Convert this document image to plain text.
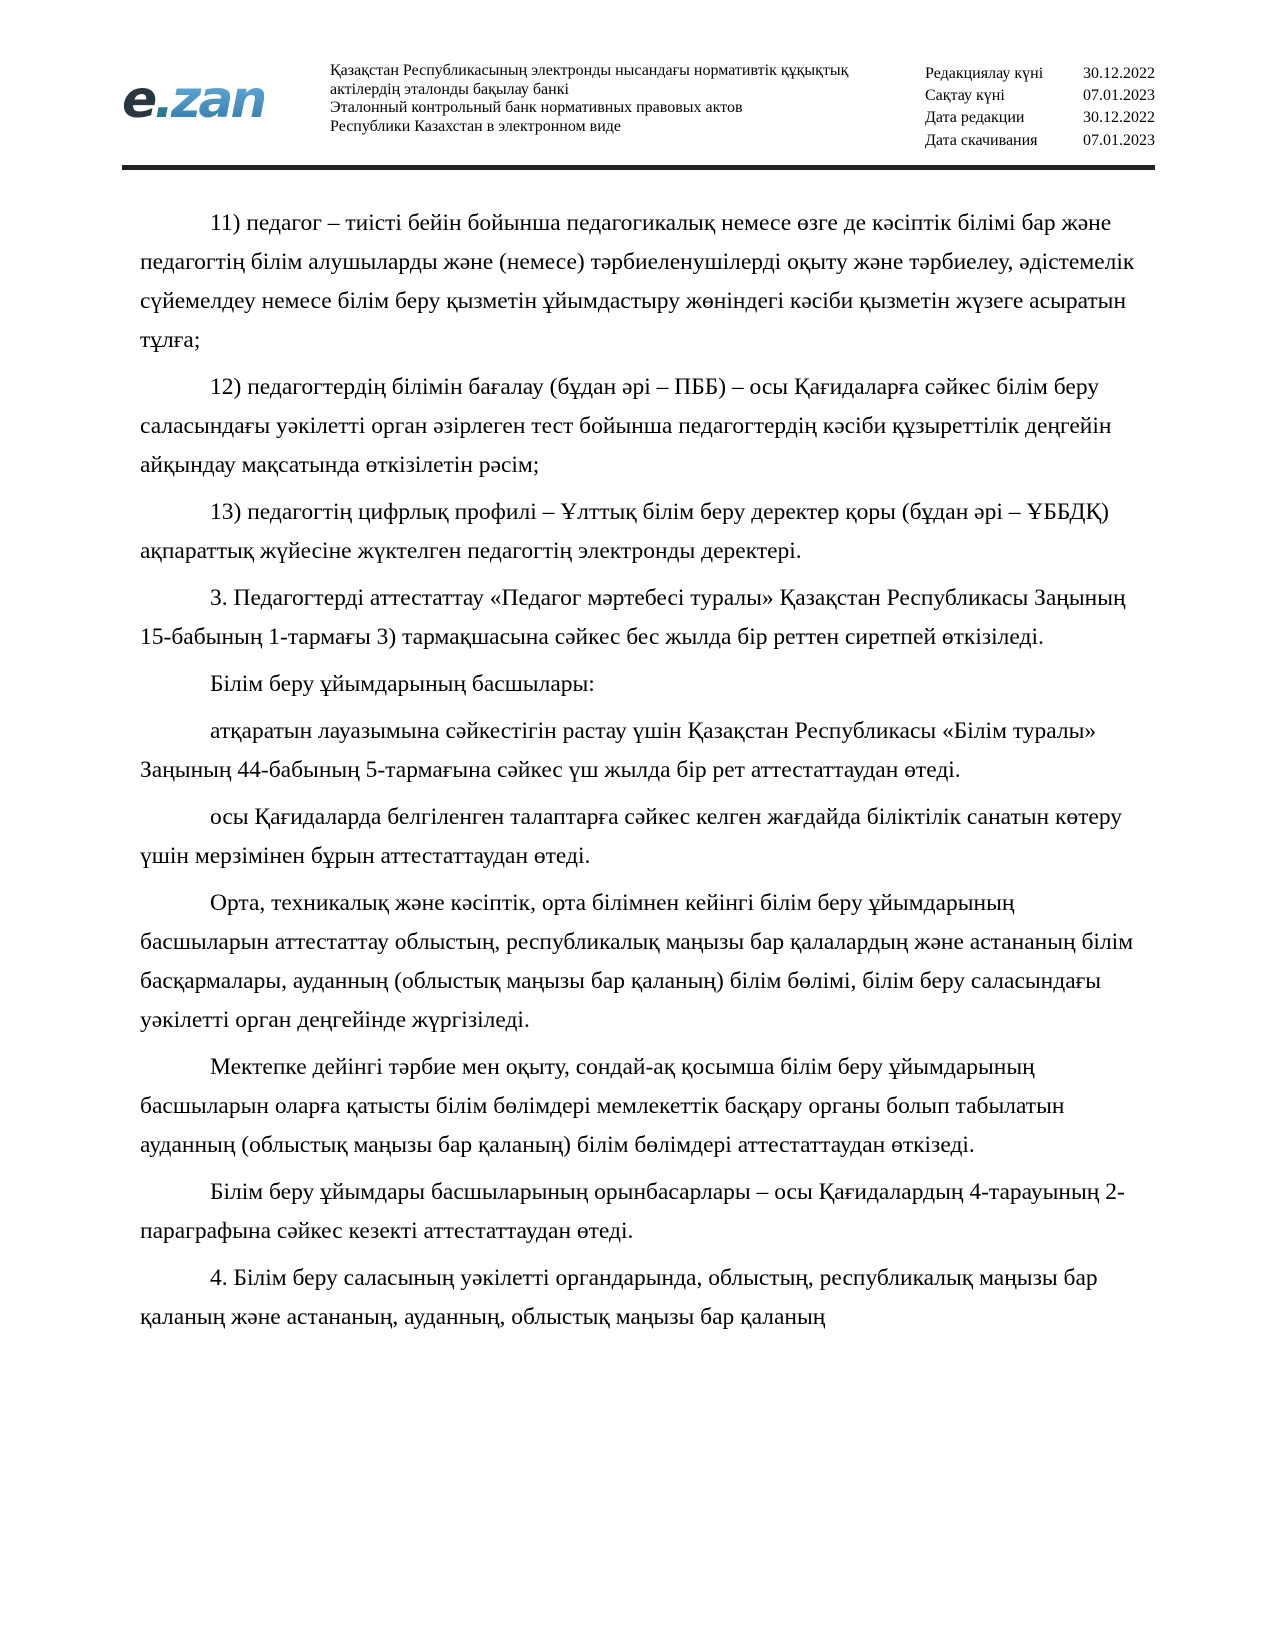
e.zan	Қазақстан Республикасының электронды нысандағы нормативтік құқықтық
актілердің эталонды бақылау банкі
Эталонный контрольный банк нормативных правовых актов
Республики Казахстан в электронном виде
Редакциялау күні	30.12.2022
Сақтау күні	07.01.2023
Дата редакции	30.12.2022
Дата скачивания	07.01.2023

11) педагог – тиісті бейін бойынша педагогикалық немесе өзге де кәсіптік білімі бар және педагогтің білім алушыларды және (немесе) тәрбиеленушілерді оқыту және тәрбиелеу, әдістемелік сүйемелдеу немесе білім беру қызметін ұйымдастыру жөніндегі кәсіби қызметін жүзеге асыратын тұлға;

12) педагогтердің білімін бағалау (бұдан әрі – ПББ) – осы Қағидаларға сәйкес білім беру саласындағы уәкілетті орган әзірлеген тест бойынша педагогтердің кәсіби құзыреттілік деңгейін айқындау мақсатында өткізілетін рәсім;

13) педагогтің цифрлық профилі – Ұлттық білім беру деректер қоры (бұдан әрі – ҰББДҚ) ақпараттық жүйесіне жүктелген педагогтің электронды деректері.

3. Педагогтерді аттестаттау «Педагог мәртебесі туралы» Қазақстан Республикасы Заңының 15-бабының 1-тармағы 3) тармақшасына сәйкес бес жылда бір реттен сиретпей өткізіледі.

Білім беру ұйымдарының басшылары:

атқаратын лауазымына сәйкестігін растау үшін Қазақстан Республикасы «Білім туралы» Заңының 44-бабының 5-тармағына сәйкес үш жылда бір рет аттестаттаудан өтеді.

осы Қағидаларда белгіленген талаптарға сәйкес келген жағдайда біліктілік санатын көтеру үшін мерзімінен бұрын аттестаттаудан өтеді.

Орта, техникалық және кәсіптік, орта білімнен кейінгі білім беру ұйымдарының басшыларын аттестаттау облыстың, республикалық маңызы бар қалалардың және астананың білім басқармалары, ауданның (облыстық маңызы бар қаланың) білім бөлімі, білім беру саласындағы уәкілетті орган деңгейінде жүргізіледі.

Мектепке дейінгі тәрбие мен оқыту, сондай-ақ қосымша білім беру ұйымдарының басшыларын оларға қатысты білім бөлімдері мемлекеттік басқару органы болып табылатын ауданның (облыстық маңызы бар қаланың) білім бөлімдері аттестаттаудан өткізеді.

Білім беру ұйымдары басшыларының орынбасарлары – осы Қағидалардың 4-тарауының 2-параграфына сәйкес кезекті аттестаттаудан өтеді.

4. Білім беру саласының уәкілетті органдарында, облыстың, республикалық маңызы бар қаланың және астананың, ауданның, облыстық маңызы бар қаланың
